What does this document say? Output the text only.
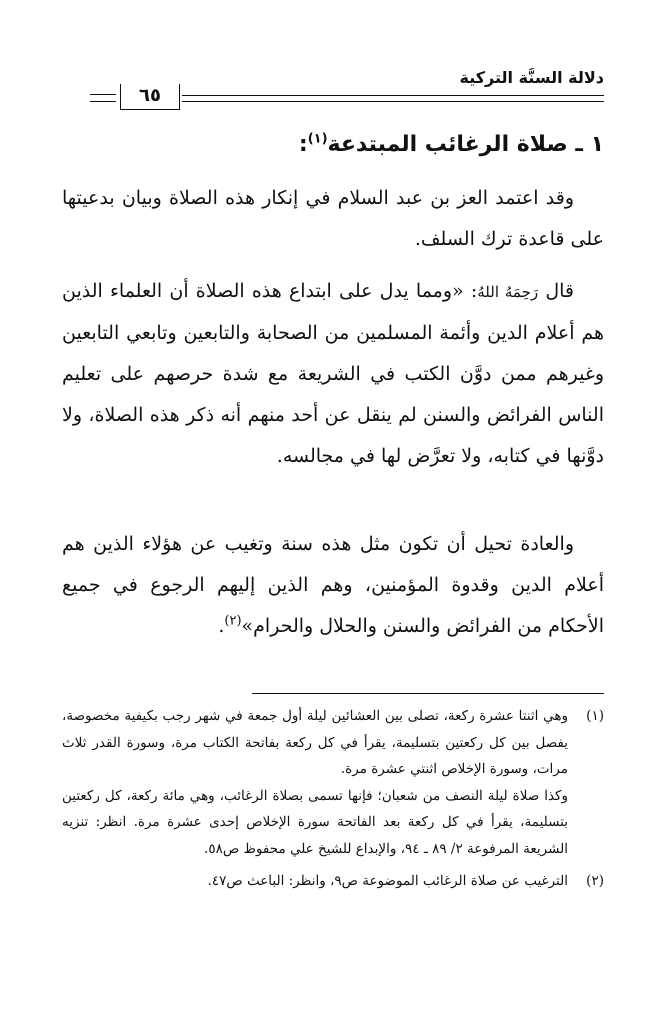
دلالة السنَّة التركية
٦٥
١ ـ صلاة الرغائب المبتدعة$^{(١)}$:

وقد اعتمد العز بن عبد السلام في إنكار هذه الصلاة وبيان بدعيتها على قاعدة ترك السلف.

قال رَحِمَهُ اللهُ: «ومما يدل على ابتداع هذه الصلاة أن العلماء الذين هم أعلام الدين وأئمة المسلمين من الصحابة والتابعين وتابعي التابعين وغيرهم ممن دوَّن الكتب في الشريعة مع شدة حرصهم على تعليم الناس الفرائض والسنن لم ينقل عن أحد منهم أنه ذكر هذه الصلاة، ولا دوَّنها في كتابه، ولا تعرَّض لها في مجالسه.

والعادة تحيل أن تكون مثل هذه سنة وتغيب عن هؤلاء الذين هم أعلام الدين وقدوة المؤمنين، وهم الذين إليهم الرجوع في جميع الأحكام من الفرائض والسنن والحلال والحرام»$^{(٢)}$.

(١)

وهي اثنتا عشرة ركعة، تصلى بين العشائين ليلة أول جمعة في شهر رجب بكيفية مخصوصة، يفصل بين كل ركعتين بتسليمة، يقرأ في كل ركعة بفاتحة الكتاب مرة، وسورة القدر ثلاث مرات، وسورة الإخلاص اثنتي عشرة مرة.

وكذا صلاة ليلة النصف من شعبان؛ فإنها تسمى بصلاة الرغائب، وهي مائة ركعة، كل ركعتين بتسليمة، يقرأ في كل ركعة بعد الفاتحة سورة الإخلاص إحدى عشرة مرة. انظر: تنزيه الشريعة المرفوعة ٢/ ٨٩ ـ ٩٤، والإبداع للشيخ علي محفوظ ص٥٨.

(٢)

الترغيب عن صلاة الرغائب الموضوعة ص٩، وانظر: الباعث ص٤٧.
